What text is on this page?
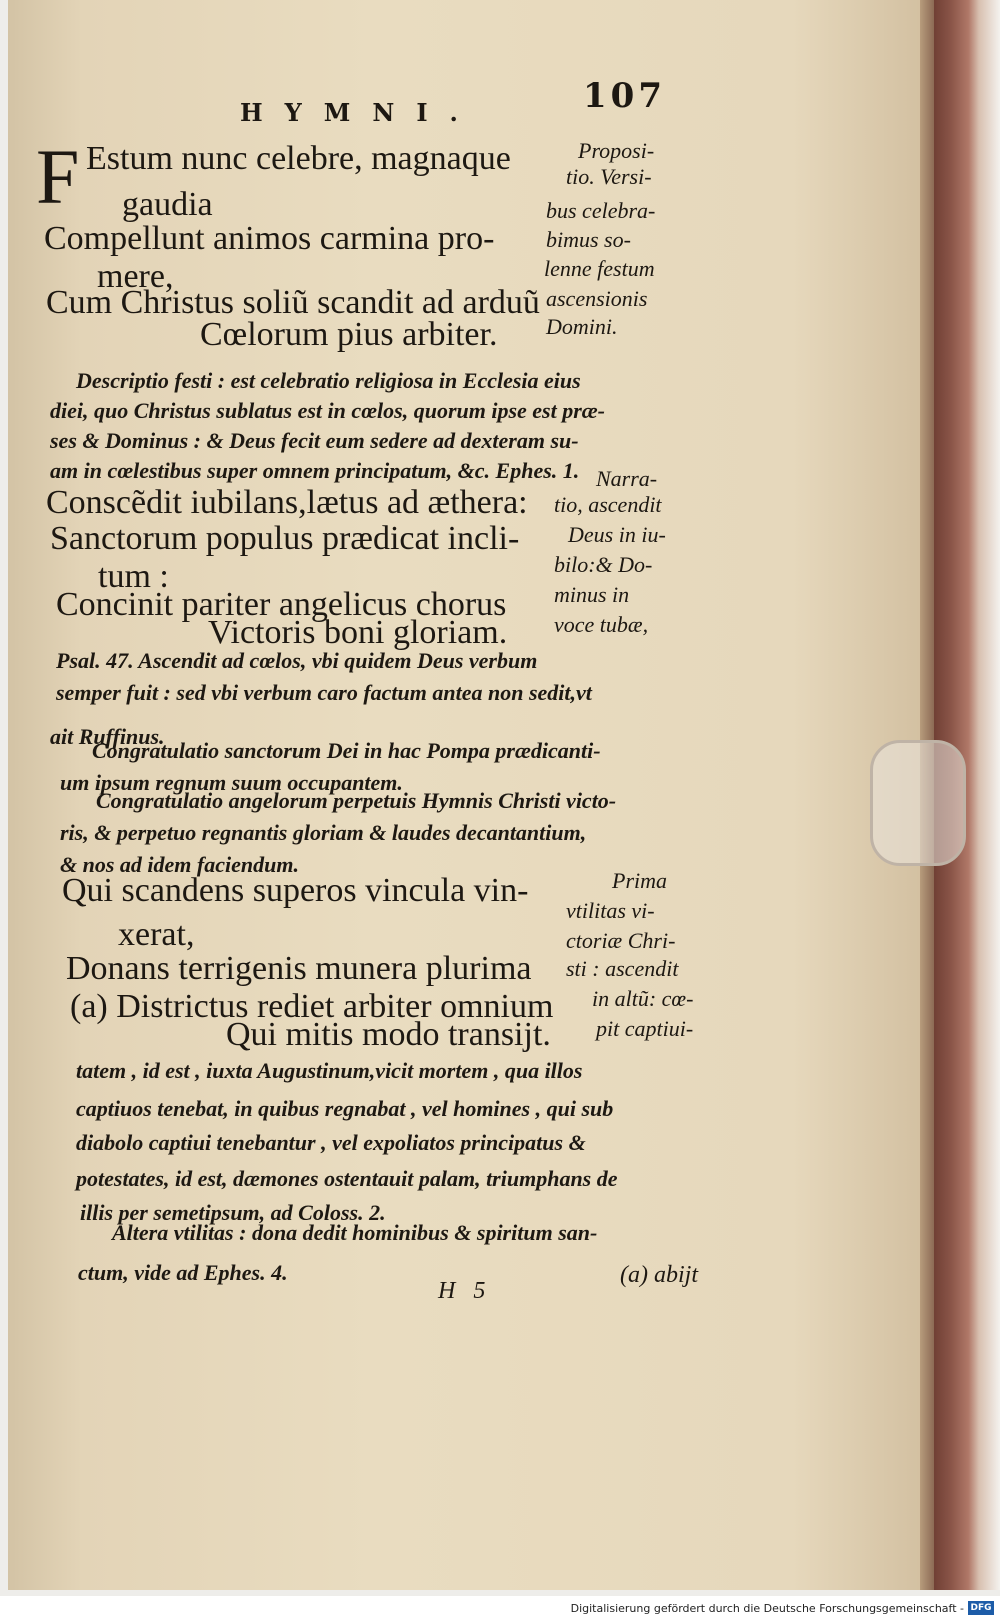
HYMNI.	107
F Estum nunc celebre, magnaque
gaudia
Compellunt animos carmina pro-
mere,
Cum Christus soliũ scandit ad arduũ
Cœlorum pius arbiter.
Proposi-
tio. Versi-
bus celebra-
bimus so-
lenne festum
ascensionis
Domini.
Descriptio festi : est celebratio religiosa in Ecclesia eius
diei, quo Christus sublatus est in cœlos, quorum ipse est præ-
ses & Dominus : & Deus fecit eum sedere ad dexteram su-
am in cœlestibus super omnem principatum, &c. Ephes. 1.
Conscẽdit iubilans,lætus ad æthera:
Sanctorum populus prædicat incli-
tum :
Concinit pariter angelicus chorus
Victoris boni gloriam.
Narra-
tio, ascendit
Deus in iu-
bilo:& Do-
minus in
voce tubæ,
Psal. 47. Ascendit ad cœlos, vbi quidem Deus verbum
semper fuit : sed vbi verbum caro factum antea non sedit,vt
ait Ruffinus.
Congratulatio sanctorum Dei in hac Pompa prædicanti-
um ipsum regnum suum occupantem.
Congratulatio angelorum perpetuis Hymnis Christi victo-
ris, & perpetuo regnantis gloriam & laudes decantantium,
& nos ad idem faciendum.
Qui scandens superos vincula vin-
xerat,
Donans terrigenis munera plurima
(a) Districtus rediet arbiter omnium
Qui mitis modo transijt.
Prima
vtilitas vi-
ctoriæ Chri-
sti : ascendit
in altũ: cœ-
pit captiui-
tatem , id est , iuxta Augustinum,vicit mortem , qua illos
captiuos tenebat, in quibus regnabat , vel homines , qui sub
diabolo captiui tenebantur , vel expoliatos principatus &
potestates, id est, dæmones ostentauit palam, triumphans de
illis per semetipsum, ad Coloss. 2.
Altera vtilitas : dona dedit hominibus & spiritum san-
ctum, vide ad Ephes. 4.
H 5
(a) abijt
Digitalisierung gefördert durch die Deutsche Forschungsgemeinschaft - DFG
